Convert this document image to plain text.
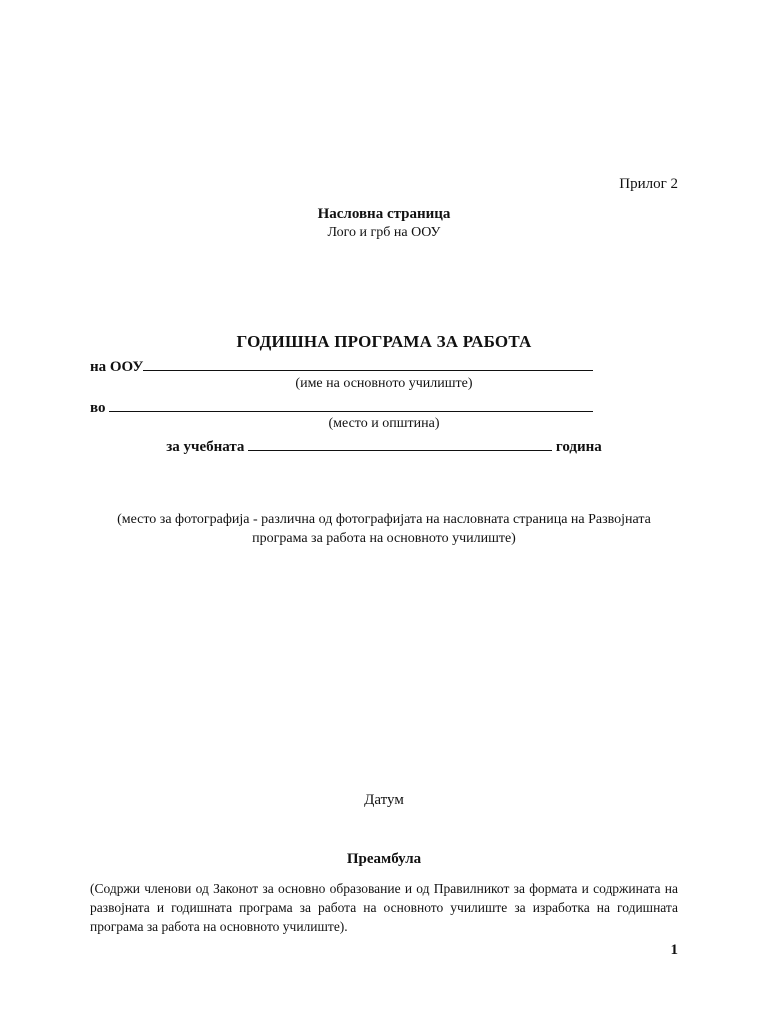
Прилог 2
Насловна страница
Лого и грб на ООУ
ГОДИШНА ПРОГРАМА ЗА РАБОТА
на ООУ
(име на основното училиште)
во
(место и општина)
за учебната	година
(место за фотографија - различна од фотографијата на насловната страница на Развојната програма за работа на основното училиште)
Датум
Преамбула
(Содржи членови од Законот за основно образование и од Правилникот за формата и содржината на развојната и годишната програма за работа на основното училиште за изработка на годишната програма за работа на основното училиште).
1
